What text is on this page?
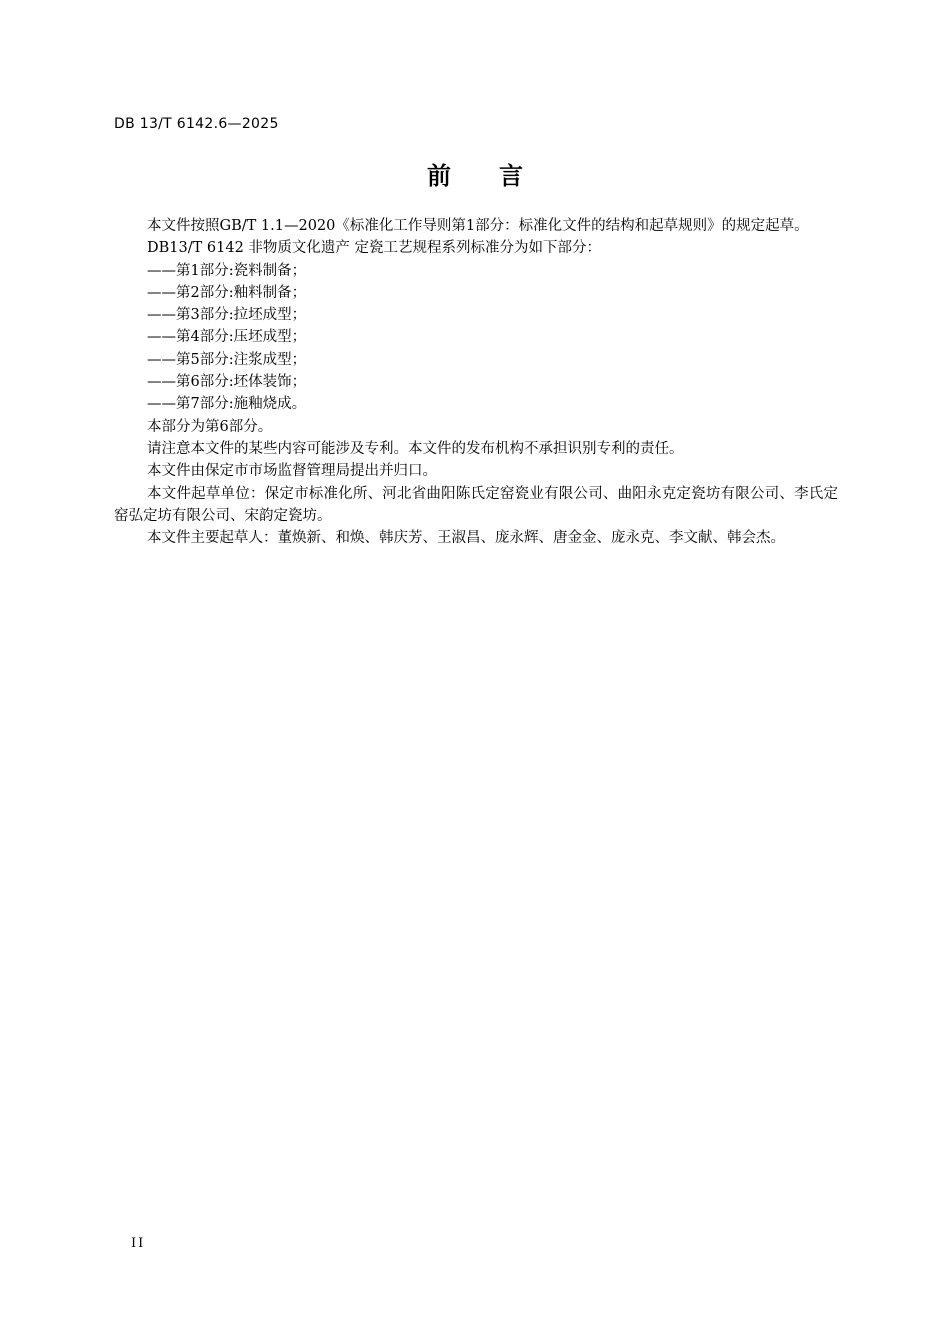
DB 13/T 6142.6—2025
前言

本文件按照GB/T 1.1—2020《标准化工作导则第1部分：标准化文件的结构和起草规则》的规定起草。

DB13/T 6142 非物质文化遗产 定瓷工艺规程系列标准分为如下部分：

——第1部分:瓷料制备；

——第2部分:釉料制备；

——第3部分:拉坯成型；

——第4部分:压坯成型；

——第5部分:注浆成型；

——第6部分:坯体装饰；

——第7部分:施釉烧成。

本部分为第6部分。

请注意本文件的某些内容可能涉及专利。本文件的发布机构不承担识别专利的责任。

本文件由保定市市场监督管理局提出并归口。

本文件起草单位：保定市标准化所、河北省曲阳陈氏定窑瓷业有限公司、曲阳永克定瓷坊有限公司、李氏定窑弘定坊有限公司、宋韵定瓷坊。

本文件主要起草人：董焕新、和焕、韩庆芳、王淑昌、庞永辉、唐金金、庞永克、李文献、韩会杰。

II
